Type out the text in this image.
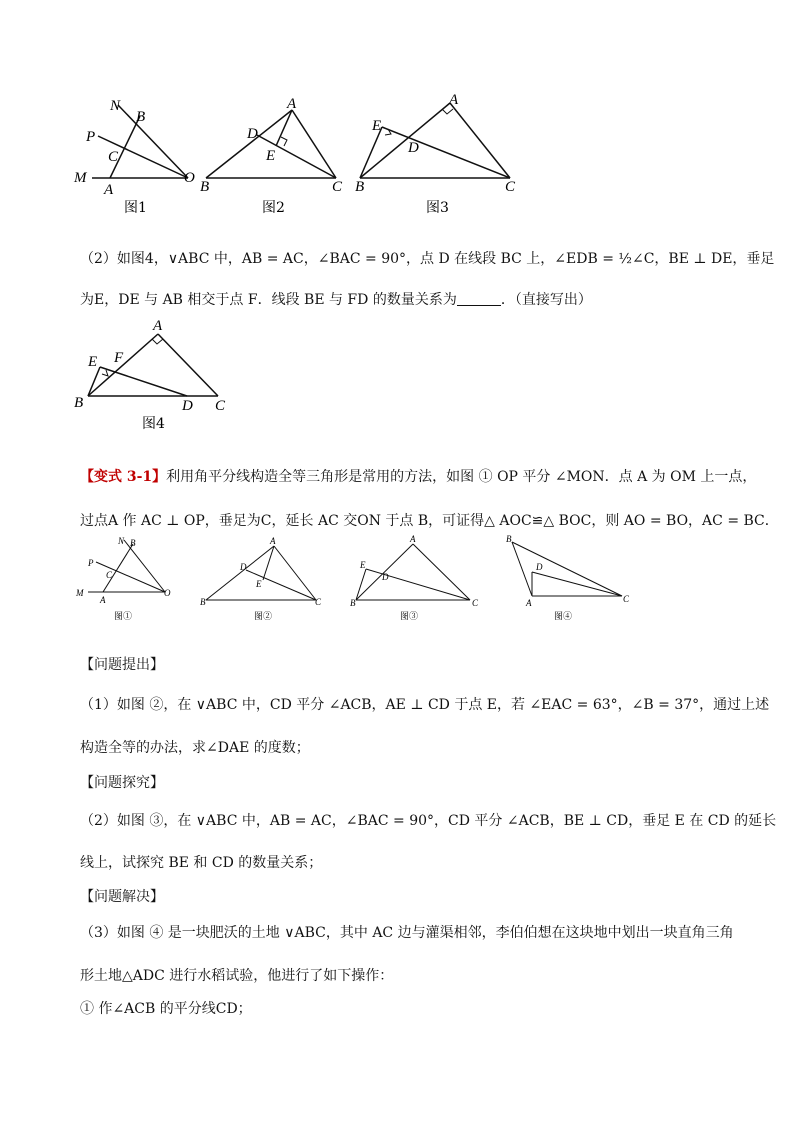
N
B
P
C
M
A
O
A
D
E
B	C
A
E
D
B	C
图1	图2	图3
（2）如图4，∨ABC 中，AB = AC，∠BAC = 90°，点 D 在线段 BC 上，∠EDB = ½∠C，BE ⊥ DE，垂足
为E，DE 与 AB 相交于点 F．线段 BE 与 FD 的数量关系为	．（直接写出）
A
E F
B	D C
图4
【变式 3-1】利用角平分线构造全等三角形是常用的方法，如图 ① OP 平分 ∠MON．点 A 为 OM 上一点，
过点A 作 AC ⊥ OP，垂足为C，延长 AC 交ON 于点 B，可证得△ AOC≌△ BOC，则 AO = BO，AC = BC．
N B
P
C
M
A
O
A
D
E
B	C
A
E
D
B	C
B
D
A	C
图①	图②	图③	图④
【问题提出】
（1）如图 ②，在 ∨ABC 中，CD 平分 ∠ACB，AE ⊥ CD 于点 E，若 ∠EAC = 63°，∠B = 37°，通过上述
构造全等的办法，求∠DAE 的度数；
【问题探究】
（2）如图 ③，在 ∨ABC 中，AB = AC，∠BAC = 90°，CD 平分 ∠ACB，BE ⊥ CD，垂足 E 在 CD 的延长
线上，试探究 BE 和 CD 的数量关系；
【问题解决】
（3）如图 ④ 是一块肥沃的土地 ∨ABC，其中 AC 边与灌渠相邻，李伯伯想在这块地中划出一块直角三角
形土地△ADC 进行水稻试验，他进行了如下操作：
① 作∠ACB 的平分线CD；
